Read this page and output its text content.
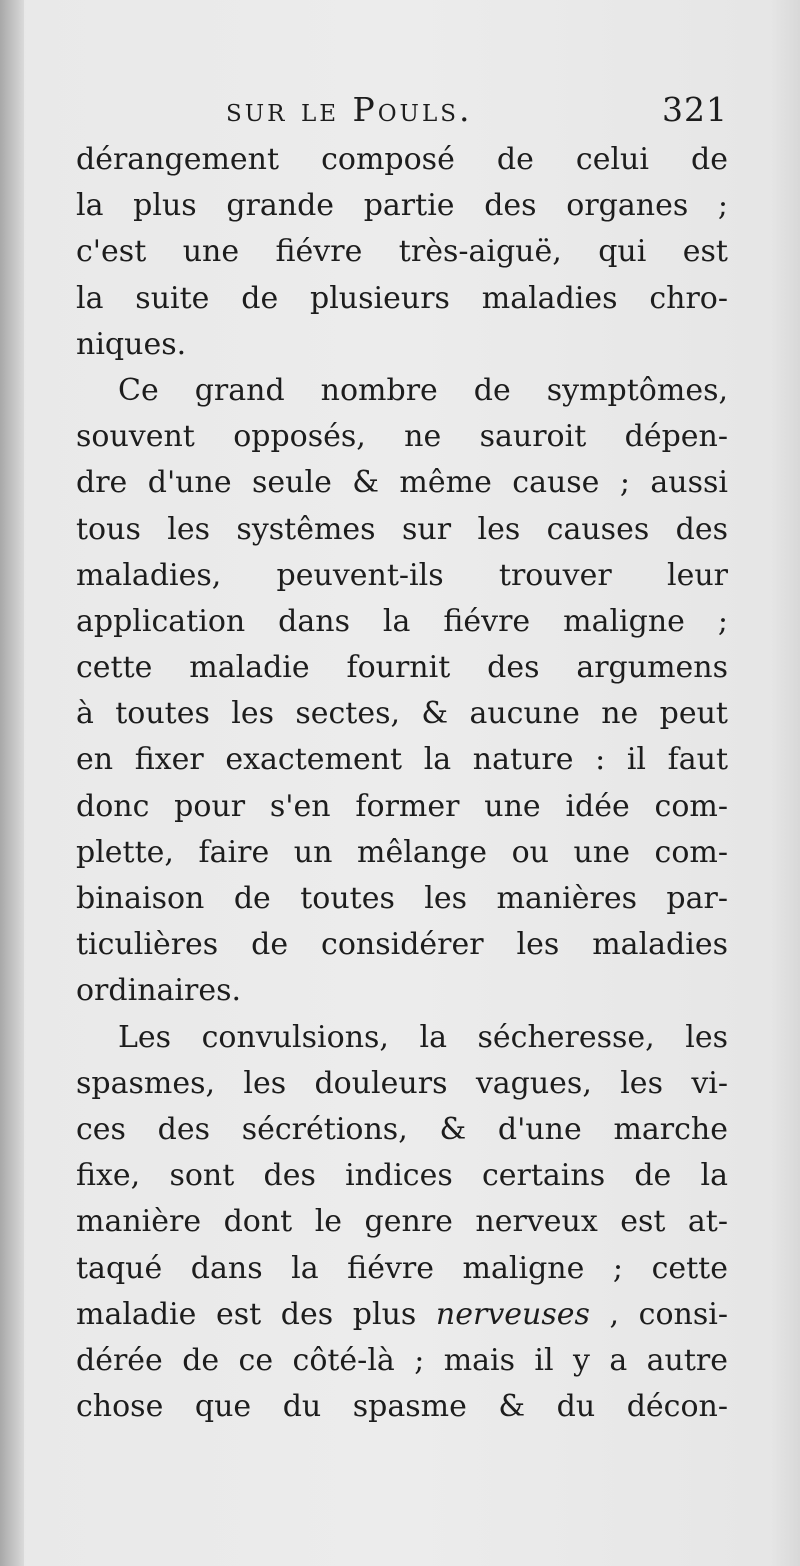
sur le Pouls.	321
dérangement composé de celui de
la plus grande partie des organes ;
c'est une fiévre très-aiguë, qui est
la suite de plusieurs maladies chro-
niques.
Ce grand nombre de symptômes,
souvent opposés, ne sauroit dépen-
dre d'une seule & même cause ; aussi
tous les systêmes sur les causes des
maladies, peuvent-ils trouver leur
application dans la fiévre maligne ;
cette maladie fournit des argumens
à toutes les sectes, & aucune ne peut
en fixer exactement la nature : il faut
donc pour s'en former une idée com-
plette, faire un mêlange ou une com-
binaison de toutes les manières par-
ticulières de considérer les maladies
ordinaires.
Les convulsions, la sécheresse, les
spasmes, les douleurs vagues, les vi-
ces des sécrétions, & d'une marche
fixe, sont des indices certains de la
manière dont le genre nerveux est at-
taqué dans la fiévre maligne ; cette
maladie est des plus nerveuses , consi-
dérée de ce côté-là ; mais il y a autre
chose que du spasme & du décon-
